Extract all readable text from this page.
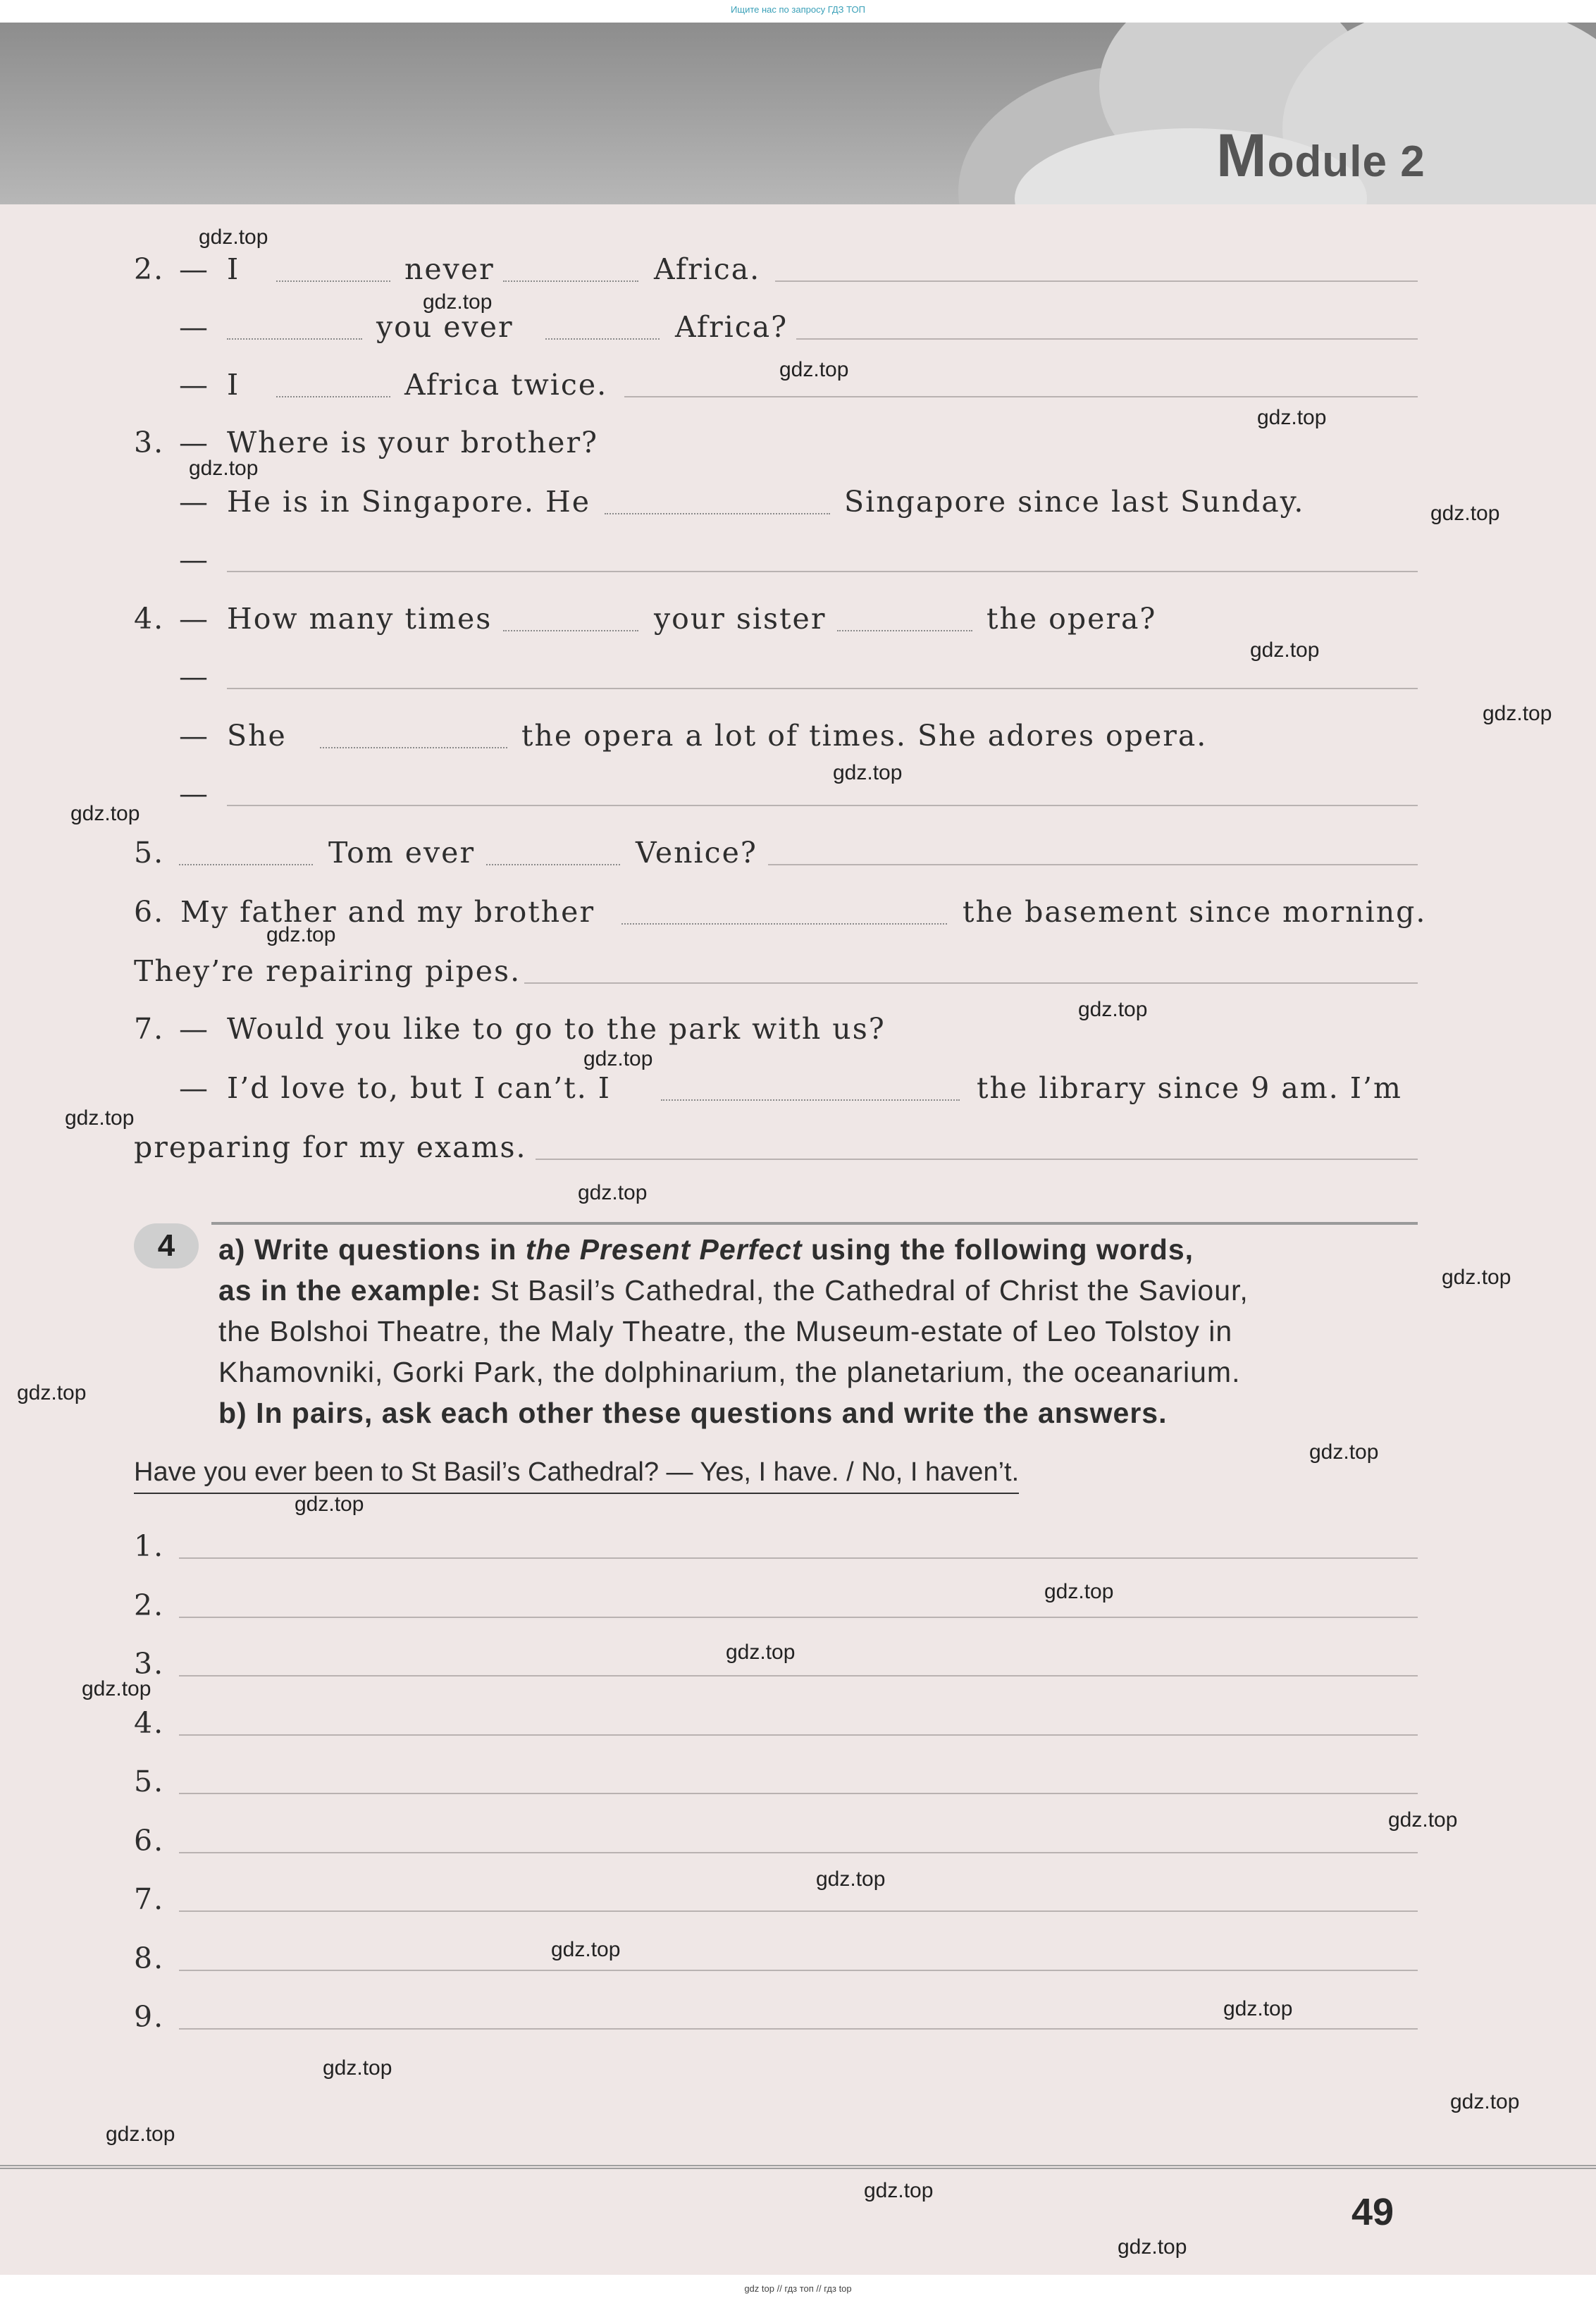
Ищите нас по запросу ГДЗ ТОП
Module 2
2. — I	never	Africa.
—	you ever	Africa?
— I	Africa twice.
3. — Where is your brother?
— He is in Singapore. He	Singapore since last Sunday.
—
4. — How many times	your sister	the opera?
—
— She	the opera a lot of times. She adores opera.
—
5.	Tom ever	Venice?
6. My father and my brother	the basement since morning.
They’re repairing pipes.
7. — Would you like to go to the park with us?
— I’d love to, but I can’t. I	the library since 9 am. I’m
preparing for my exams.
4	a) Write questions in the Present Perfect using the following words,
as in the example: St Basil’s Cathedral, the Cathedral of Christ the Saviour,
the Bolshoi Theatre, the Maly Theatre, the Museum-estate of Leo Tolstoy in
Khamovniki, Gorki Park, the dolphinarium, the planetarium, the oceanarium.
b) In pairs, ask each other these questions and write the answers.
Have you ever been to St Basil’s Cathedral? — Yes, I have. / No, I haven’t.
1.
2.
3.
4.
5.
6.
7.
8.
9.
49
gdz top // гдз топ // гдз top
gdz.top
gdz.top
gdz.top
gdz.top
gdz.top
gdz.top
gdz.top
gdz.top
gdz.top
gdz.top
gdz.top
gdz.top
gdz.top
gdz.top
gdz.top
gdz.top
gdz.top
gdz.top
gdz.top
gdz.top
gdz.top
gdz.top
gdz.top
gdz.top
gdz.top
gdz.top
gdz.top
gdz.top
gdz.top
gdz.top
gdz.top
